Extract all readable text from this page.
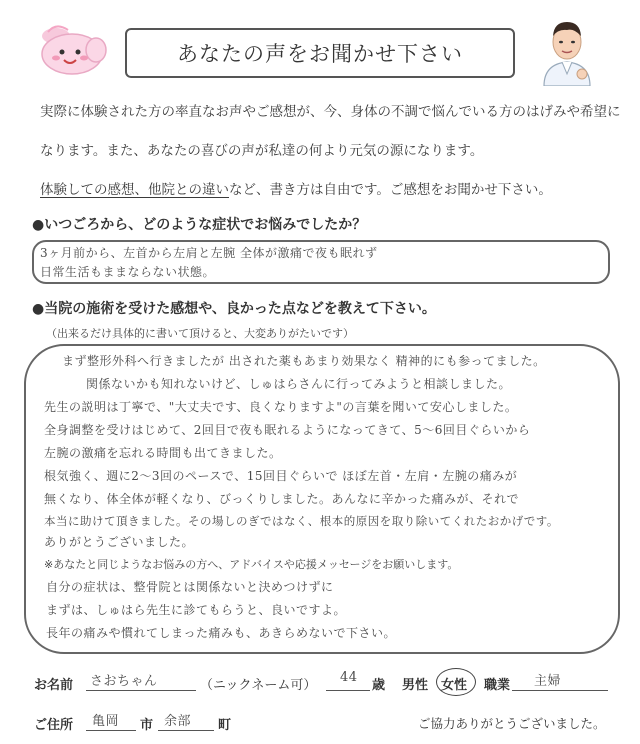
あなたの声をお聞かせ下さい
実際に体験された方の率直なお声やご感想が、今、身体の不調で悩んでいる方のはげみや希望に
なります。また、あなたの喜びの声が私達の何より元気の源になります。
体験しての感想、他院との違いなど、書き方は自由です。ご感想をお聞かせ下さい。
●いつごろから、どのような症状でお悩みでしたか？
3ヶ月前から、左首から左肩と左腕 全体が激痛で夜も眠れず
日常生活もままならない状態。
●当院の施術を受けた感想や、良かった点などを教えて下さい。
（出来るだけ具体的に書いて頂けると、大変ありがたいです）
まず整形外科へ行きましたが 出された薬もあまり効果なく 精神的にも参ってました。
関係ないかも知れないけど、しゅはらさんに行ってみようと相談しました。
先生の説明は丁寧で、"大丈夫です、良くなりますよ"の言葉を聞いて安心しました。
全身調整を受けはじめて、2回目で夜も眠れるようになってきて、5～6回目ぐらいから
左腕の激痛を忘れる時間も出てきました。
根気強く、週に2～3回のペースで、15回目ぐらいで ほぼ左首・左肩・左腕の痛みが
無くなり、体全体が軽くなり、びっくりしました。あんなに辛かった痛みが、それで
本当に助けて頂きました。その場しのぎではなく、根本的原因を取り除いてくれたおかげです。
ありがとうございました。
※あなたと同じようなお悩みの方へ、アドバイスや応援メッセージをお願いします。
自分の症状は、整骨院とは関係ないと決めつけずに
まずは、しゅはら先生に診てもらうと、良いですよ。
長年の痛みや慣れてしまった痛みも、あきらめないで下さい。
お名前 さおちゃん	（ニックネーム可）
44
歳 男性 女性 職業 主婦
ご住所 亀岡 市 余部 町	ご協力ありがとうございました。
